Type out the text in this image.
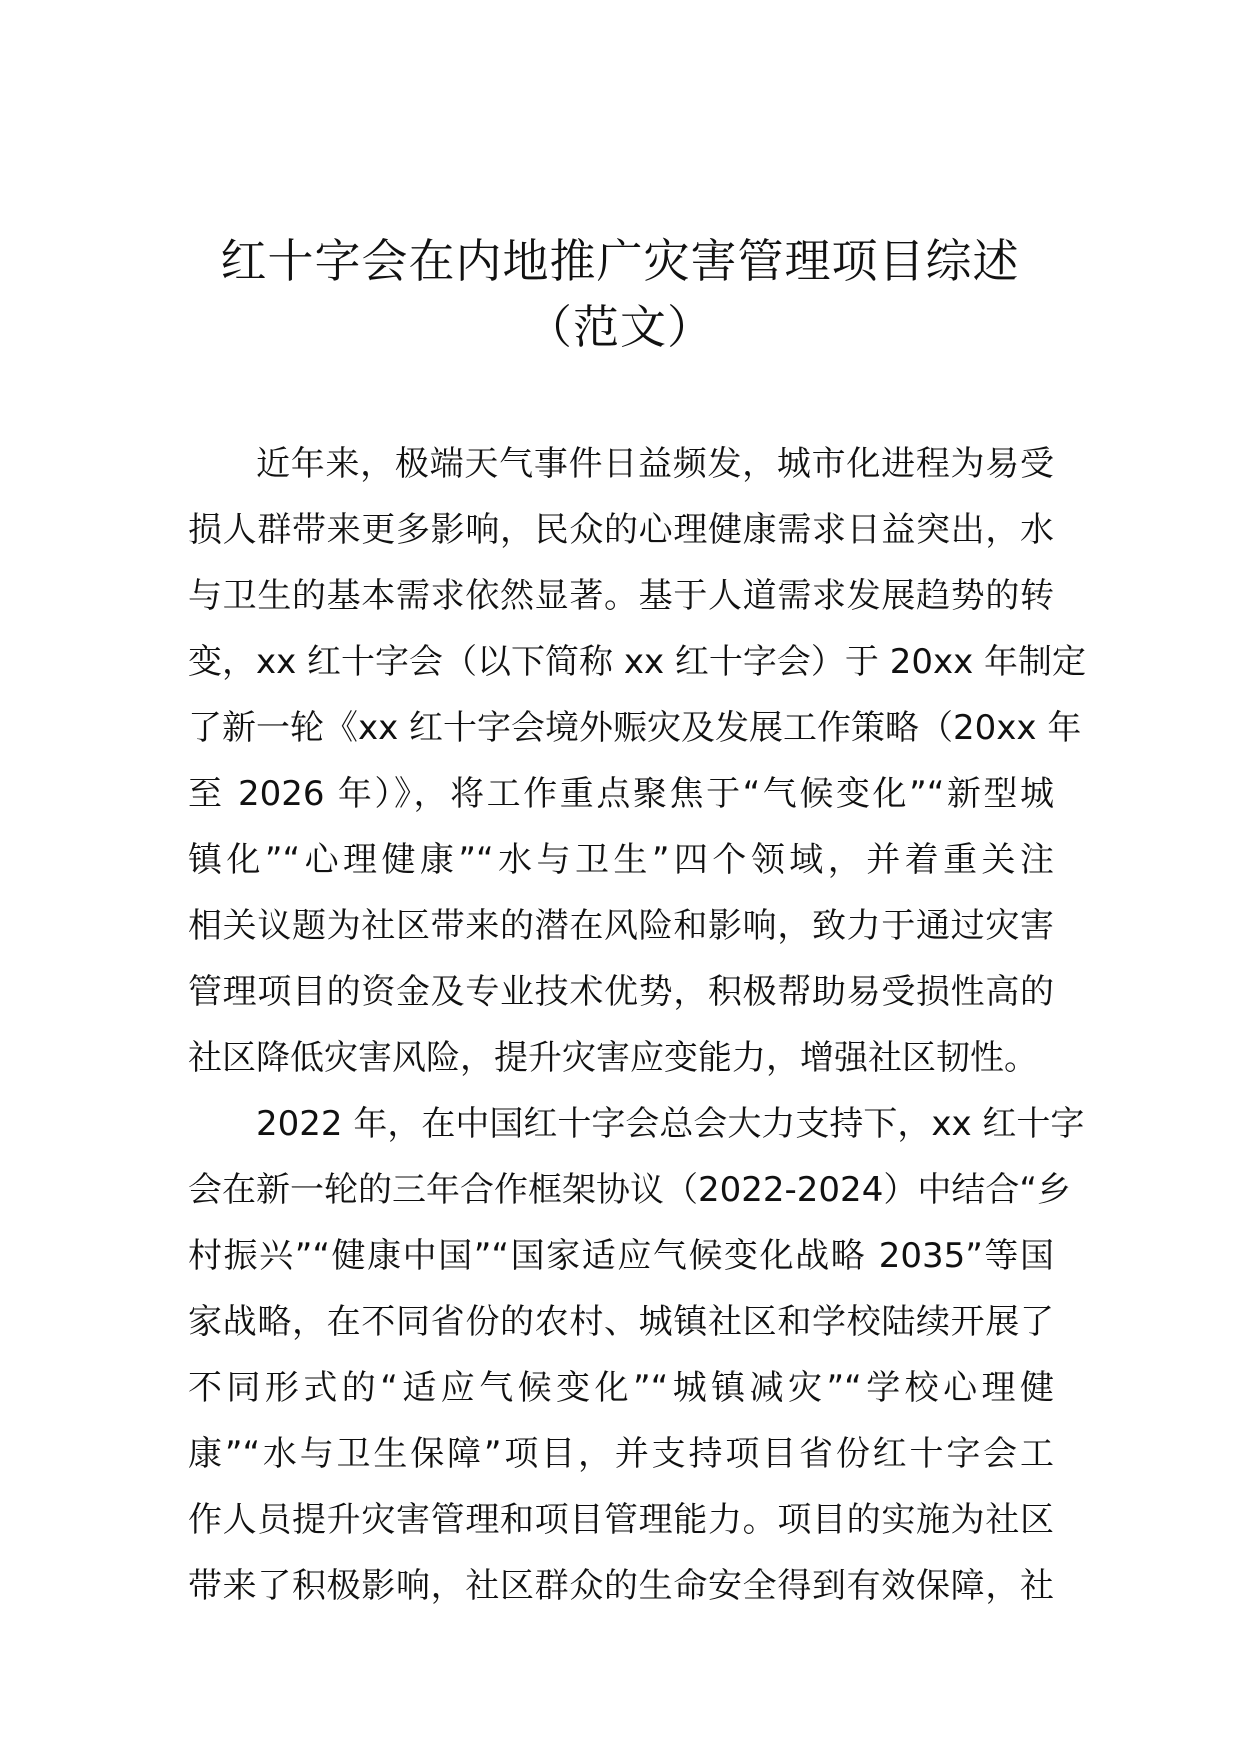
红十字会在内地推广灾害管理项目综述
（范文）
近年来，极端天气事件日益频发，城市化进程为易受
损人群带来更多影响，民众的心理健康需求日益突出，水
与卫生的基本需求依然显著。基于人道需求发展趋势的转
变，xx 红十字会（以下简称 xx 红十字会）于 20xx 年制定
了新一轮《xx 红十字会境外赈灾及发展工作策略（20xx 年
至 2026 年）》，将工作重点聚焦于“气候变化”“新型城
镇化”“心理健康”“水与卫生”四个领域，并着重关注
相关议题为社区带来的潜在风险和影响，致力于通过灾害
管理项目的资金及专业技术优势，积极帮助易受损性高的
社区降低灾害风险，提升灾害应变能力，增强社区韧性。
2022 年，在中国红十字会总会大力支持下，xx 红十字
会在新一轮的三年合作框架协议（2022-2024）中结合“乡
村振兴”“健康中国”“国家适应气候变化战略 2035”等国
家战略，在不同省份的农村、城镇社区和学校陆续开展了
不同形式的“适应气候变化”“城镇减灾”“学校心理健
康”“水与卫生保障”项目，并支持项目省份红十字会工
作人员提升灾害管理和项目管理能力。项目的实施为社区
带来了积极影响，社区群众的生命安全得到有效保障，社
